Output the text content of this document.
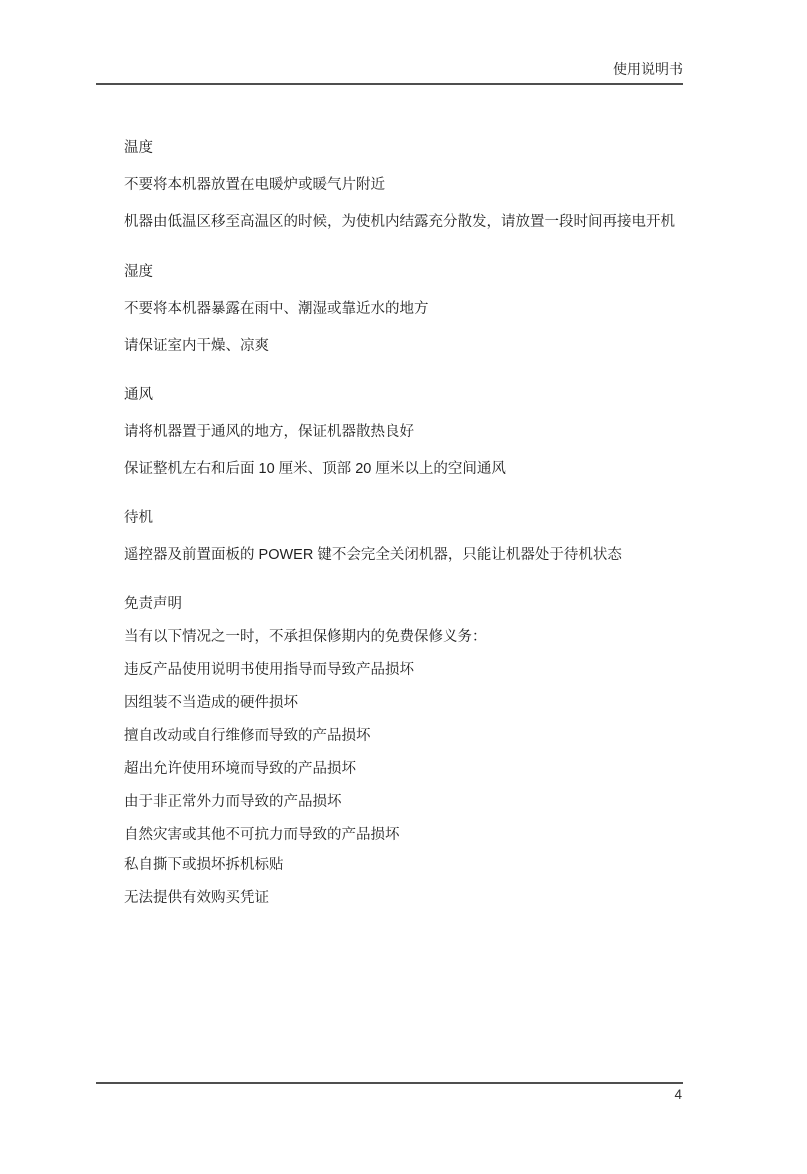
使用说明书
温度
不要将本机器放置在电暖炉或暖气片附近
机器由低温区移至高温区的时候，为使机内结露充分散发，请放置一段时间再接电开机
湿度
不要将本机器暴露在雨中、潮湿或靠近水的地方
请保证室内干燥、凉爽
通风
请将机器置于通风的地方，保证机器散热良好
保证整机左右和后面 10 厘米、顶部 20 厘米以上的空间通风
待机
遥控器及前置面板的 POWER 键不会完全关闭机器，只能让机器处于待机状态
免责声明
当有以下情况之一时，不承担保修期内的免费保修义务：
违反产品使用说明书使用指导而导致产品损坏
因组装不当造成的硬件损坏
擅自改动或自行维修而导致的产品损坏
超出允许使用环境而导致的产品损坏
由于非正常外力而导致的产品损坏
自然灾害或其他不可抗力而导致的产品损坏
私自撕下或损坏拆机标贴
无法提供有效购买凭证
4
